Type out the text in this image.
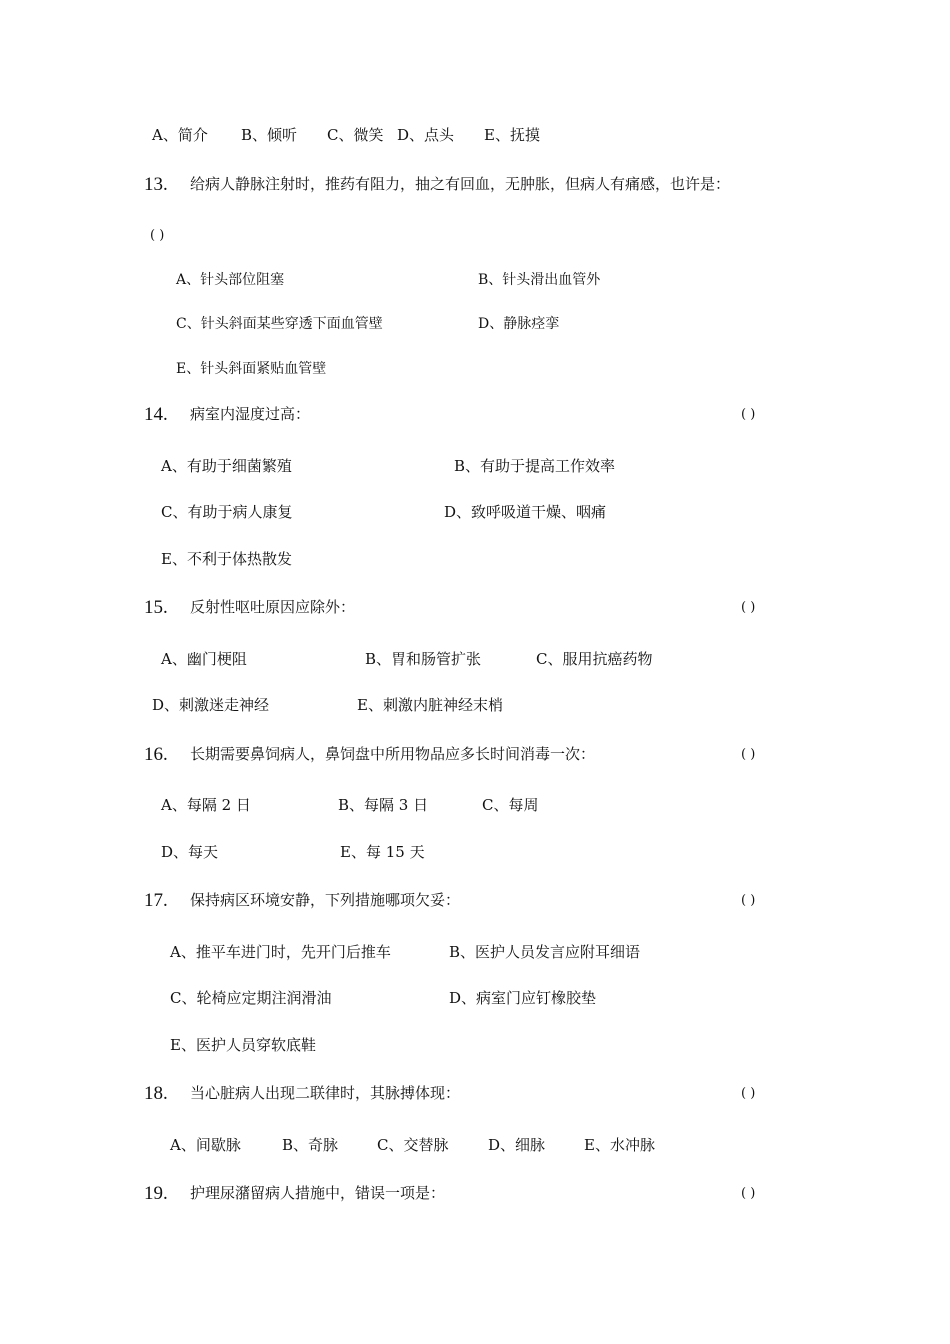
A、简介 B、倾听 C、微笑 D、点头 E、抚摸
13. 给病人静脉注射时，推药有阻力，抽之有回血，无肿胀，但病人有痛感，也许是：
( )
A、针头部位阻塞	B、针头滑出血管外
C、针头斜面某些穿透下面血管壁	D、静脉痉挛
E、针头斜面紧贴血管壁
14. 病室内湿度过高：	( )
A、有助于细菌繁殖	B、有助于提高工作效率
C、有助于病人康复	D、致呼吸道干燥、咽痛
E、不利于体热散发
15. 反射性呕吐原因应除外：	( )
A、幽门梗阻	B、胃和肠管扩张	C、服用抗癌药物
D、刺激迷走神经	E、刺激内脏神经末梢
16. 长期需要鼻饲病人，鼻饲盘中所用物品应多长时间消毒一次：	( )
A、每隔 2 日	B、每隔 3 日	C、每周
D、每天	E、每 15 天
17. 保持病区环境安静，下列措施哪项欠妥：	( )
A、推平车进门时，先开门后推车	B、医护人员发言应附耳细语
C、轮椅应定期注润滑油	D、病室门应钉橡胶垫
E、医护人员穿软底鞋
18. 当心脏病人出现二联律时，其脉搏体现：	( )
A、间歇脉	B、奇脉	C、交替脉	D、细脉	E、水冲脉
19. 护理尿潴留病人措施中，错误一项是：	( )
